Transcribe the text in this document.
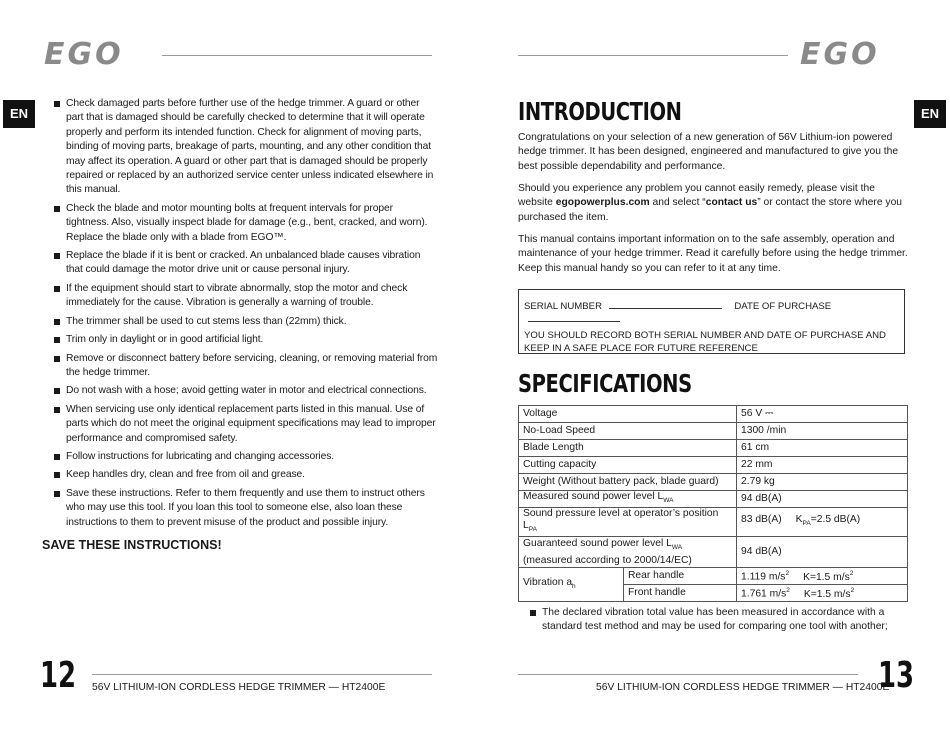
EGO
EN
Check damaged parts before further use of the hedge trimmer. A guard or other part that is damaged should be carefully checked to determine that it will operate properly and perform its intended function. Check for alignment of moving parts, binding of moving parts, breakage of parts, mounting, and any other condition that may affect its operation. A guard or other part that is damaged should be properly repaired or replaced by an authorized service center unless indicated elsewhere in this manual.
Check the blade and motor mounting bolts at frequent intervals for proper tightness. Also, visually inspect blade for damage (e.g., bent, cracked, and worn). Replace the blade only with a blade from EGO™.
Replace the blade if it is bent or cracked. An unbalanced blade causes vibration that could damage the motor drive unit or cause personal injury.
If the equipment should start to vibrate abnormally, stop the motor and check immediately for the cause. Vibration is generally a warning of trouble.
The trimmer shall be used to cut stems less than (22mm) thick.
Trim only in daylight or in good artificial light.
Remove or disconnect battery before servicing, cleaning, or removing material from the hedge trimmer.
Do not wash with a hose; avoid getting water in motor and electrical connections.
When servicing use only identical replacement parts listed in this manual. Use of parts which do not meet the original equipment specifications may lead to improper performance and compromised safety.
Follow instructions for lubricating and changing accessories.
Keep handles dry, clean and free from oil and grease.
Save these instructions. Refer to them frequently and use them to instruct others who may use this tool. If you loan this tool to someone else, also loan these instructions to them to prevent misuse of the product and possible injury.
SAVE THESE INSTRUCTIONS!
12 56V LITHIUM-ION CORDLESS HEDGE TRIMMER — HT2400E
EGO
EN
INTRODUCTION

Congratulations on your selection of a new generation of 56V Lithium-ion powered hedge trimmer. It has been designed, engineered and manufactured to give you the best possible dependability and performance.

Should you experience any problem you cannot easily remedy, please visit the website egopowerplus.com and select “contact us” or contact the store where you purchased the item.

This manual contains important information on to the safe assembly, operation and maintenance of your hedge trimmer. Read it carefully before using the hedge trimmer. Keep this manual handy so you can refer to it at any time.

SERIAL NUMBER	DATE OF PURCHASE
YOU SHOULD RECORD BOTH SERIAL NUMBER AND DATE OF PURCHASE AND KEEP IN A SAFE PLACE FOR FUTURE REFERENCE
SPECIFICATIONS
Voltage		56 V ⎓
No-Load Speed		1300 /min
Blade Length		61 cm
Cutting capacity		22 mm
Weight (Without battery pack, blade guard)		2.79 kg
Measured sound power level $L_{WA}$		94 dB(A)
Sound pressure level at operator’s position $L_{PA}$		83 dB(A) $K_{PA}=2.5$ dB(A)
Guaranteed sound power level $L_{WA}$
(measured according to 2000/14/EC)		94 dB(A)
Vibration $a_h$	Rear handle	1.119 $m/s^2$ K=1.5 $m/s^2$
	Front handle	1.761 $m/s^2$ K=1.5 $m/s^2$
The declared vibration total value has been measured in accordance with a standard test method and may be used for comparing one tool with another;
56V LITHIUM-ION CORDLESS HEDGE TRIMMER — HT2400E
13
